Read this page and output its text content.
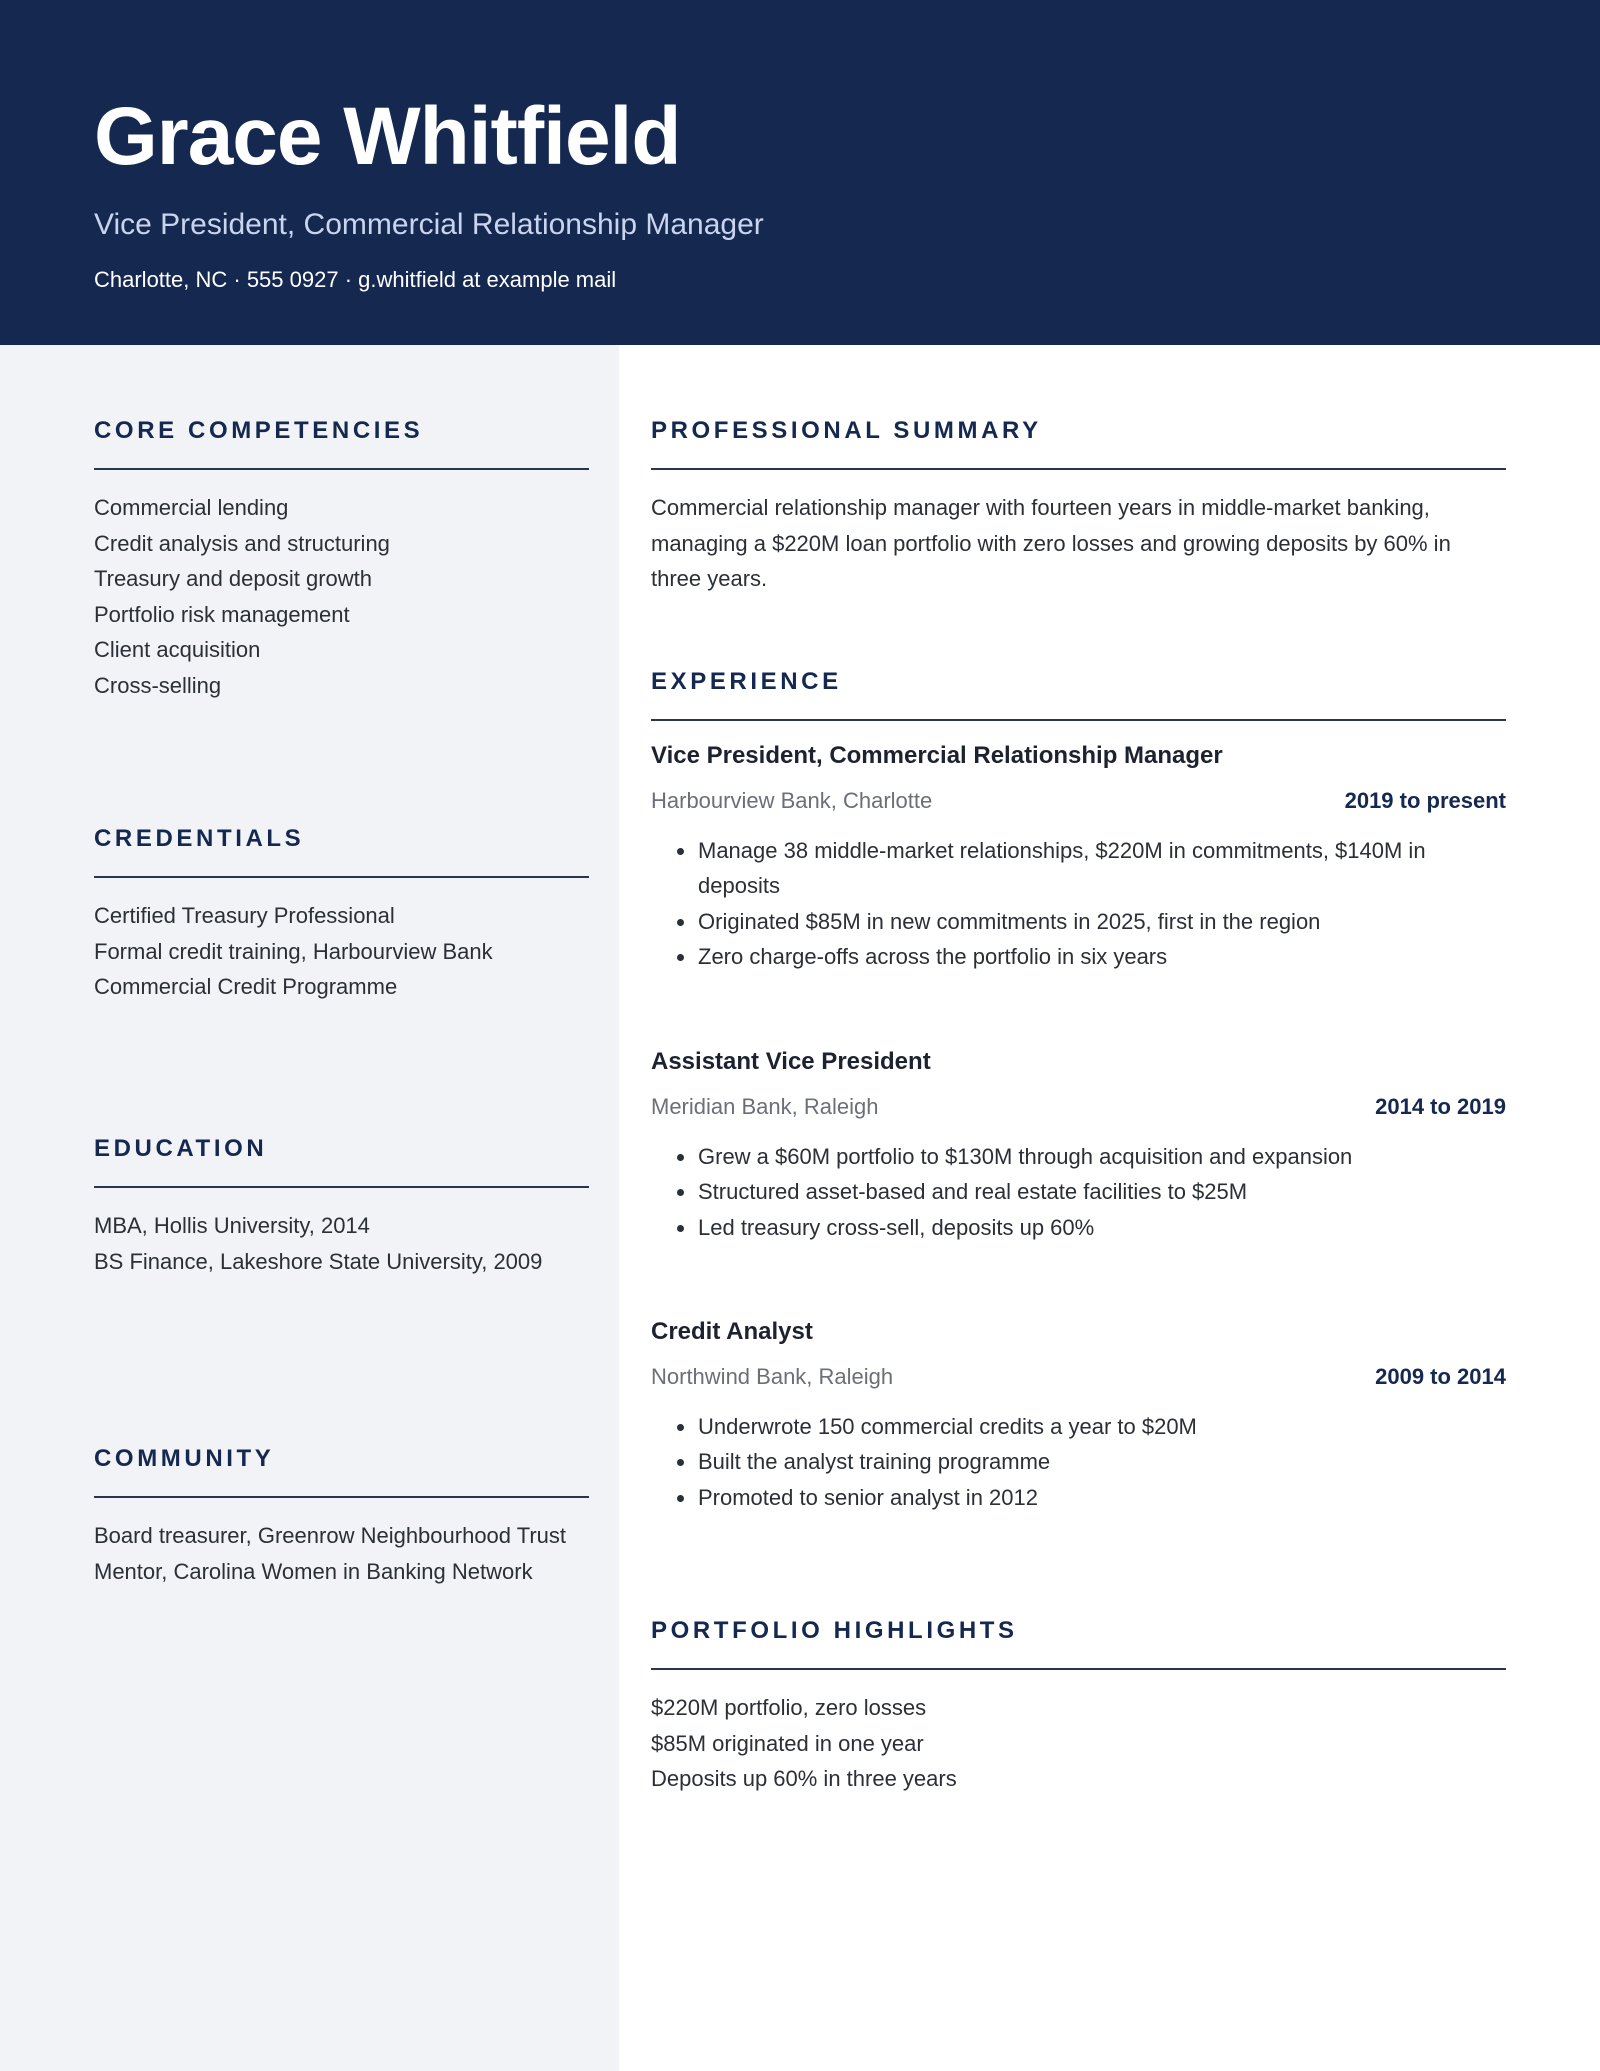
Grace Whitfield
Vice President, Commercial Relationship Manager
Charlotte, NC · 555 0927 · g.whitfield at example mail
CORE COMPETENCIES
Commercial lending
Credit analysis and structuring
Treasury and deposit growth
Portfolio risk management
Client acquisition
Cross-selling
CREDENTIALS
Certified Treasury Professional
Formal credit training, Harbourview Bank
Commercial Credit Programme
EDUCATION
MBA, Hollis University, 2014
BS Finance, Lakeshore State University, 2009
COMMUNITY
Board treasurer, Greenrow Neighbourhood Trust
Mentor, Carolina Women in Banking Network
PROFESSIONAL SUMMARY
Commercial relationship manager with fourteen years in middle-market banking, managing a $220M loan portfolio with zero losses and growing deposits by 60% in three years.
EXPERIENCE
Vice President, Commercial Relationship Manager
Harbourview Bank, Charlotte	2019 to present
Manage 38 middle-market relationships, $220M in commitments, $140M in deposits
Originated $85M in new commitments in 2025, first in the region
Zero charge-offs across the portfolio in six years
Assistant Vice President
Meridian Bank, Raleigh	2014 to 2019
Grew a $60M portfolio to $130M through acquisition and expansion
Structured asset-based and real estate facilities to $25M
Led treasury cross-sell, deposits up 60%
Credit Analyst
Northwind Bank, Raleigh	2009 to 2014
Underwrote 150 commercial credits a year to $20M
Built the analyst training programme
Promoted to senior analyst in 2012
PORTFOLIO HIGHLIGHTS
$220M portfolio, zero losses
$85M originated in one year
Deposits up 60% in three years
